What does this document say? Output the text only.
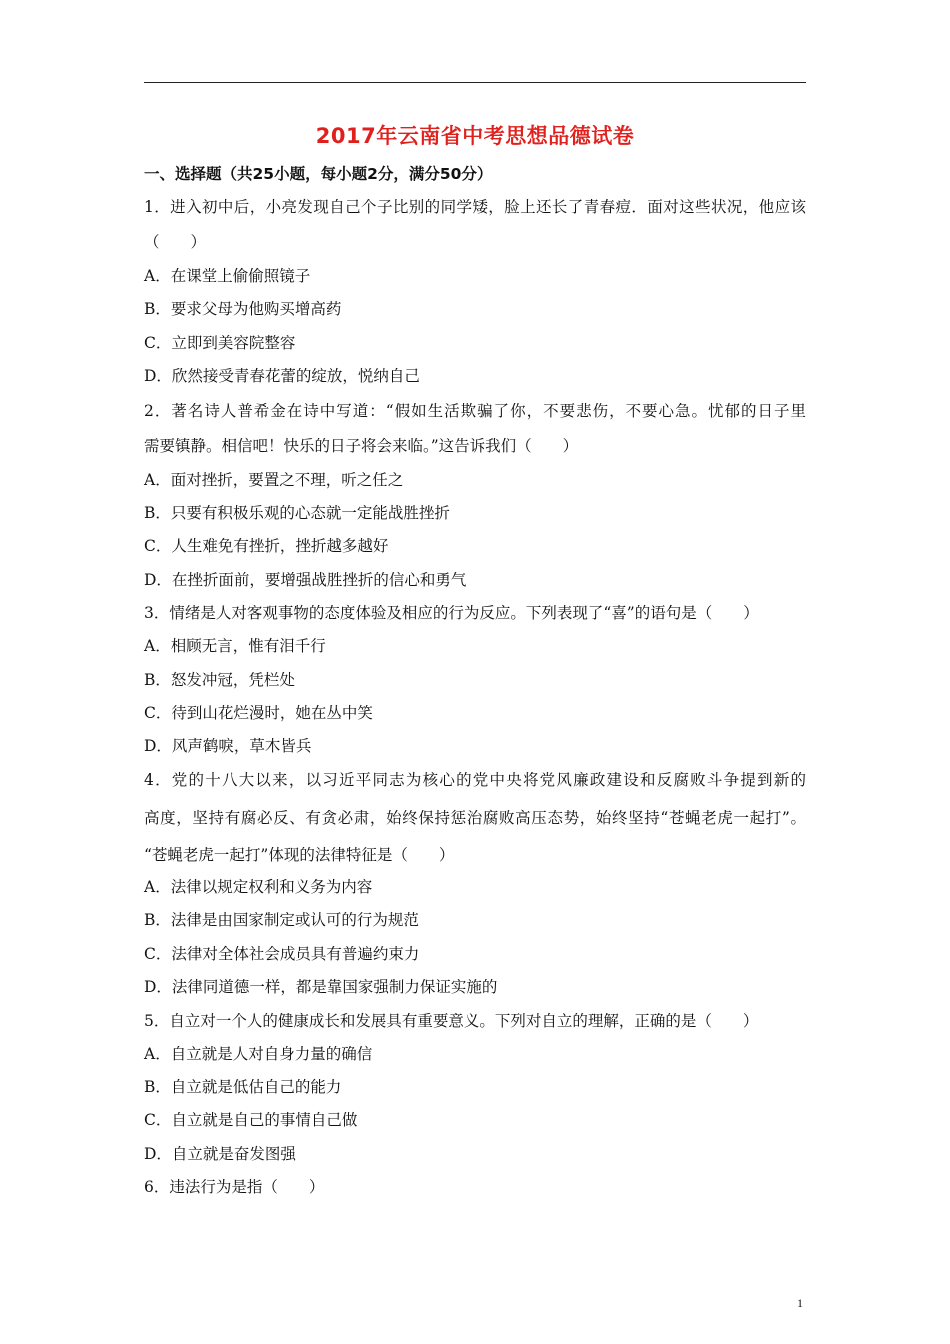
2017年云南省中考思想品德试卷
一、选择题（共25小题，每小题2分，满分50分）
1．进入初中后，小亮发现自己个子比别的同学矮，脸上还长了青春痘．面对这些状况，他应该
（　　）
A．在课堂上偷偷照镜子
B．要求父母为他购买增高药
C．立即到美容院整容
D．欣然接受青春花蕾的绽放，悦纳自己
2．著名诗人普希金在诗中写道：“假如生活欺骗了你，不要悲伤，不要心急。忧郁的日子里
需要镇静。相信吧！快乐的日子将会来临。”这告诉我们（　　）
A．面对挫折，要置之不理，听之任之
B．只要有积极乐观的心态就一定能战胜挫折
C．人生难免有挫折，挫折越多越好
D．在挫折面前，要增强战胜挫折的信心和勇气
3．情绪是人对客观事物的态度体验及相应的行为反应。下列表现了“喜”的语句是（　　）
A．相顾无言，惟有泪千行
B．怒发冲冠，凭栏处
C．待到山花烂漫时，她在丛中笑
D．风声鹤唳，草木皆兵
4．党的十八大以来，以习近平同志为核心的党中央将党风廉政建设和反腐败斗争提到新的
高度，坚持有腐必反、有贪必肃，始终保持惩治腐败高压态势，始终坚持“苍蝇老虎一起打”。
“苍蝇老虎一起打”体现的法律特征是（　　）
A．法律以规定权利和义务为内容
B．法律是由国家制定或认可的行为规范
C．法律对全体社会成员具有普遍约束力
D．法律同道德一样，都是靠国家强制力保证实施的
5．自立对一个人的健康成长和发展具有重要意义。下列对自立的理解，正确的是（　　）
A．自立就是人对自身力量的确信
B．自立就是低估自己的能力
C．自立就是自己的事情自己做
D．自立就是奋发图强
6．违法行为是指（　　）
1
